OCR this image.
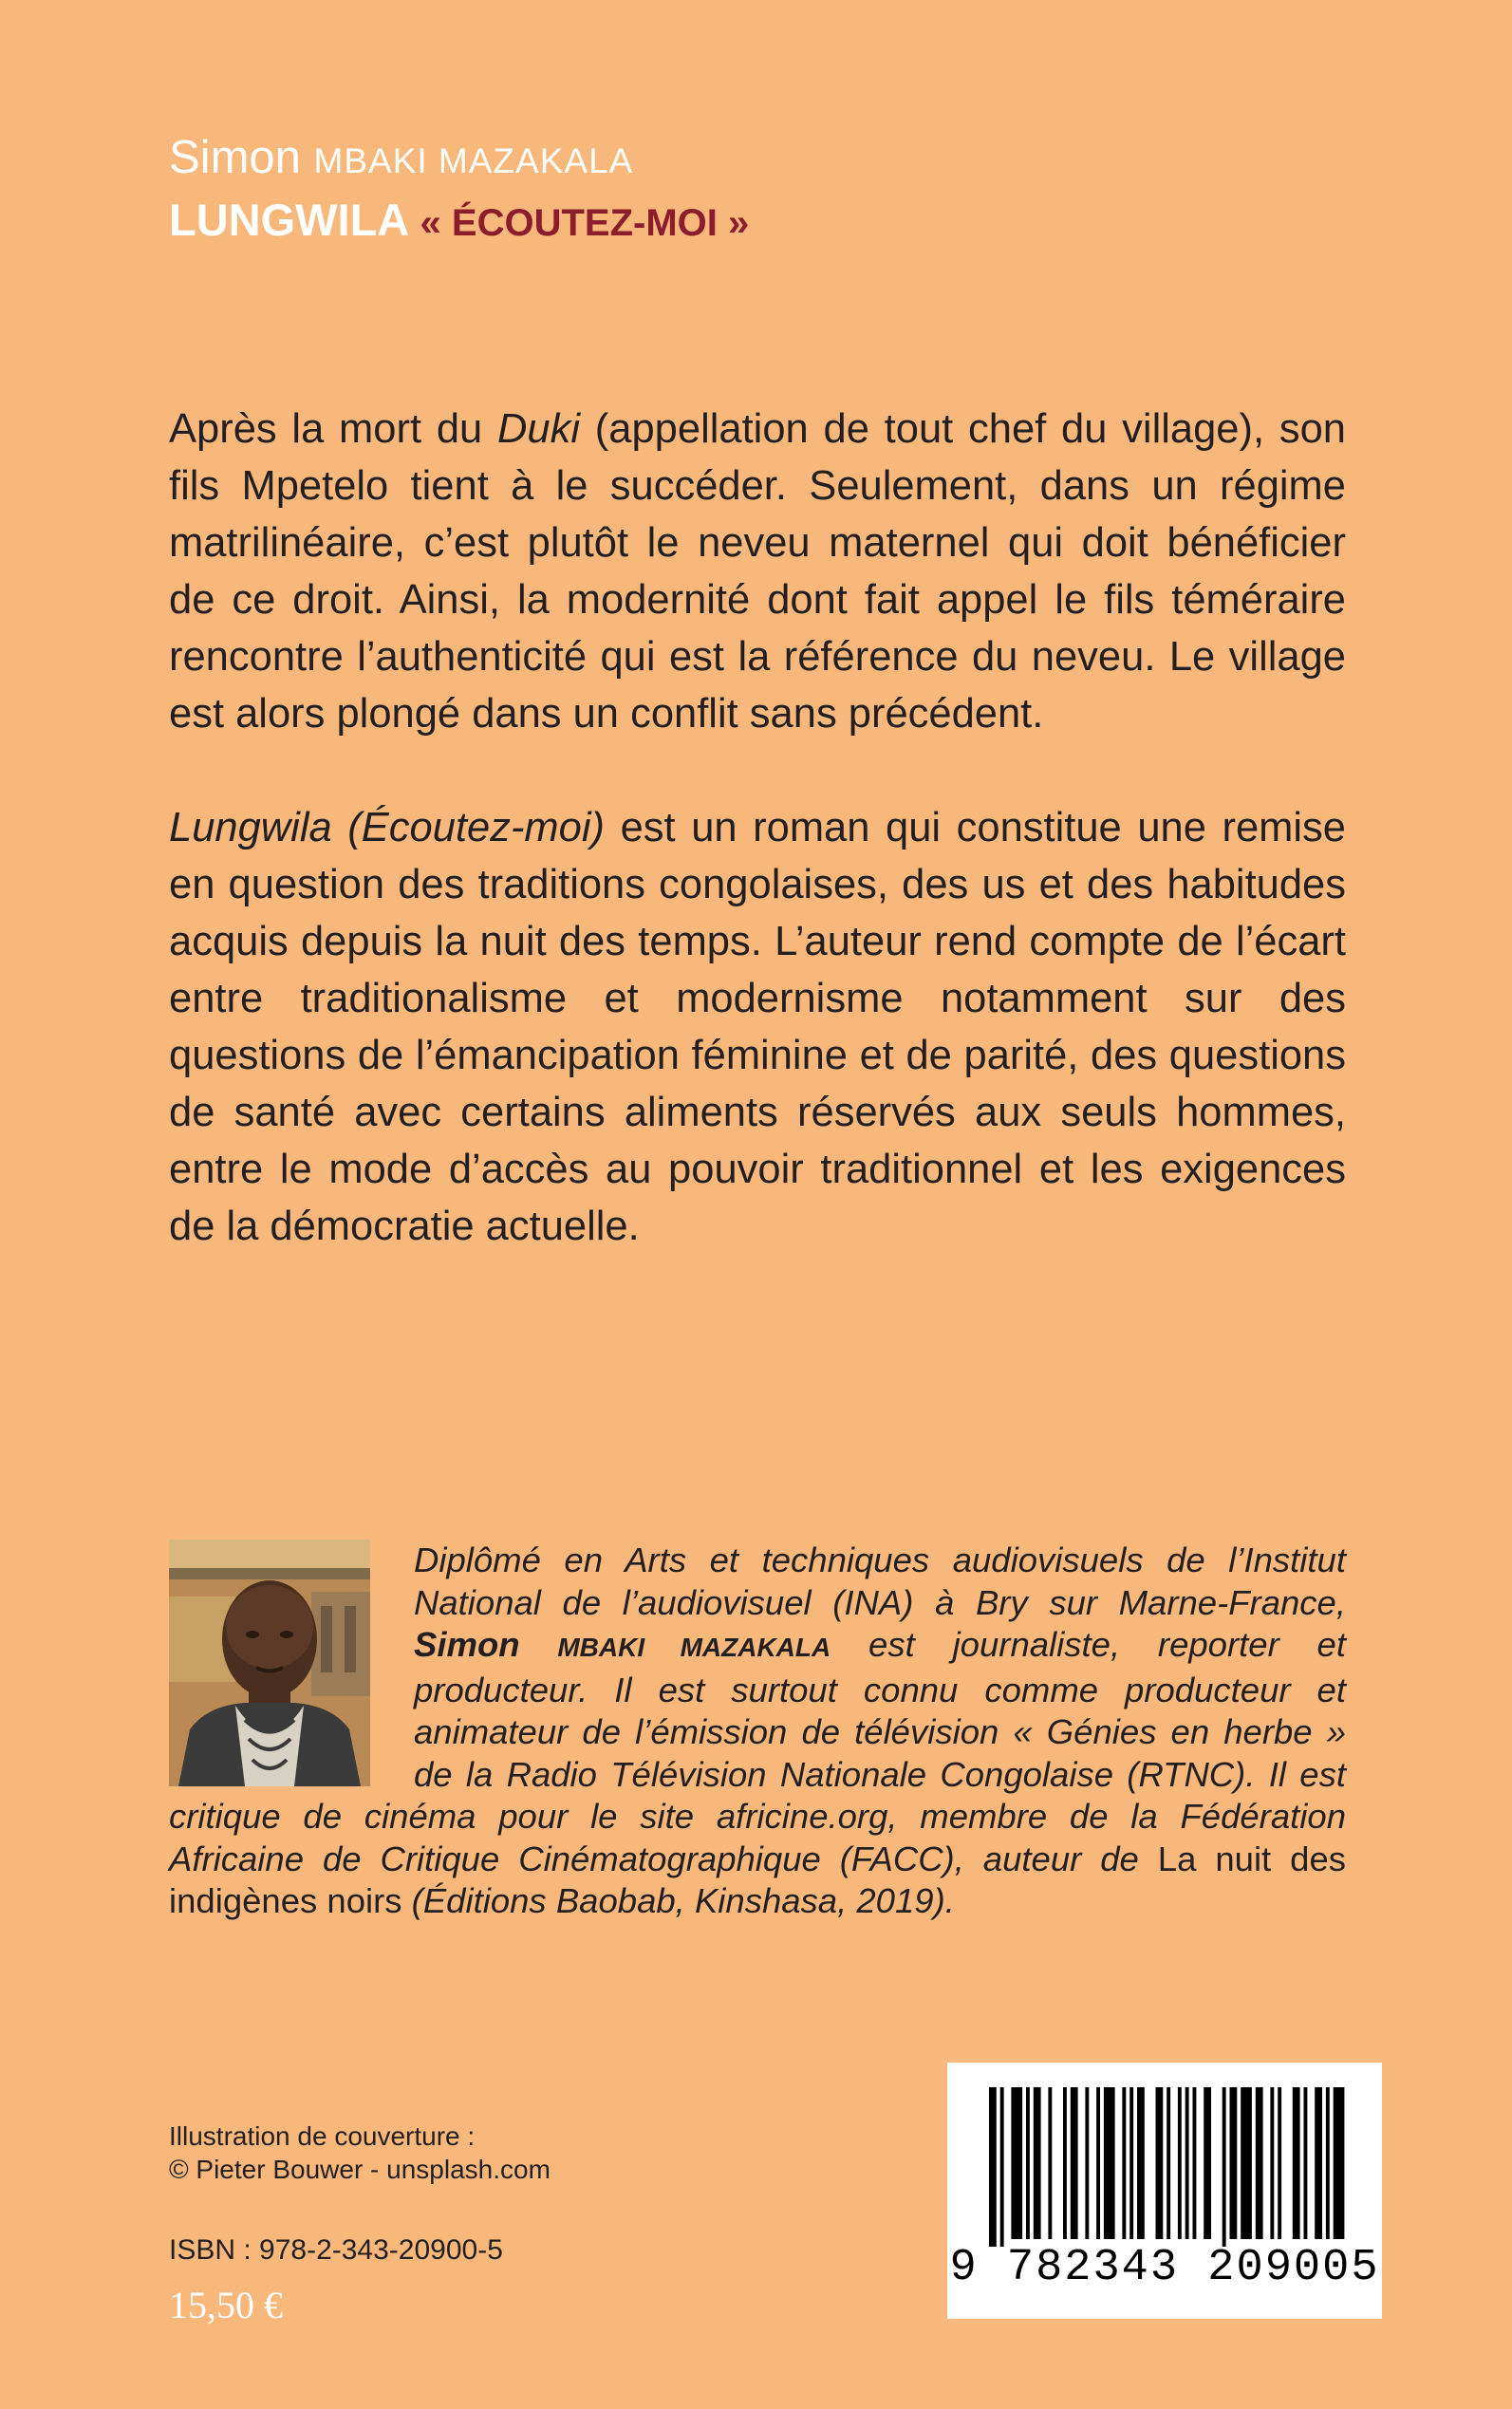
Simon MBAKI MAZAKALA
LUNGWILA « ÉCOUTEZ-MOI »

Après la mort du Duki (appellation de tout chef du village), son fils Mpetelo tient à le succéder. Seulement, dans un régime matrilinéaire, c’est plutôt le neveu maternel qui doit bénéficier de ce droit. Ainsi, la modernité dont fait appel le fils téméraire rencontre l’authenticité qui est la référence du neveu. Le village est alors plongé dans un conflit sans précédent.

Lungwila (Écoutez-moi) est un roman qui constitue une remise en question des traditions congolaises, des us et des habitudes acquis depuis la nuit des temps. L’auteur rend compte de l’écart entre traditionalisme et modernisme notamment sur des questions de l’émancipation féminine et de parité, des questions de santé avec certains aliments réservés aux seuls hommes, entre le mode d’accès au pouvoir traditionnel et les exigences de la démocratie actuelle.

Diplômé en Arts et techniques audiovisuels de l’Institut National de l’audiovisuel (INA) à Bry sur Marne-France, Simon MBAKI MAZAKALA est journaliste, reporter et producteur. Il est surtout connu comme producteur et animateur de l’émission de télévision « Génies en herbe » de la Radio Télévision Nationale Congolaise (RTNC). Il est critique de cinéma pour le site africine.org, membre de la Fédération Africaine de Critique Cinématographique (FACC), auteur de La nuit des indigènes noirs (Éditions Baobab, Kinshasa, 2019).
Illustration de couverture :
© Pieter Bouwer - unsplash.com
ISBN : 978-2-343-20900-5
15,50 €
9 782343 209005
